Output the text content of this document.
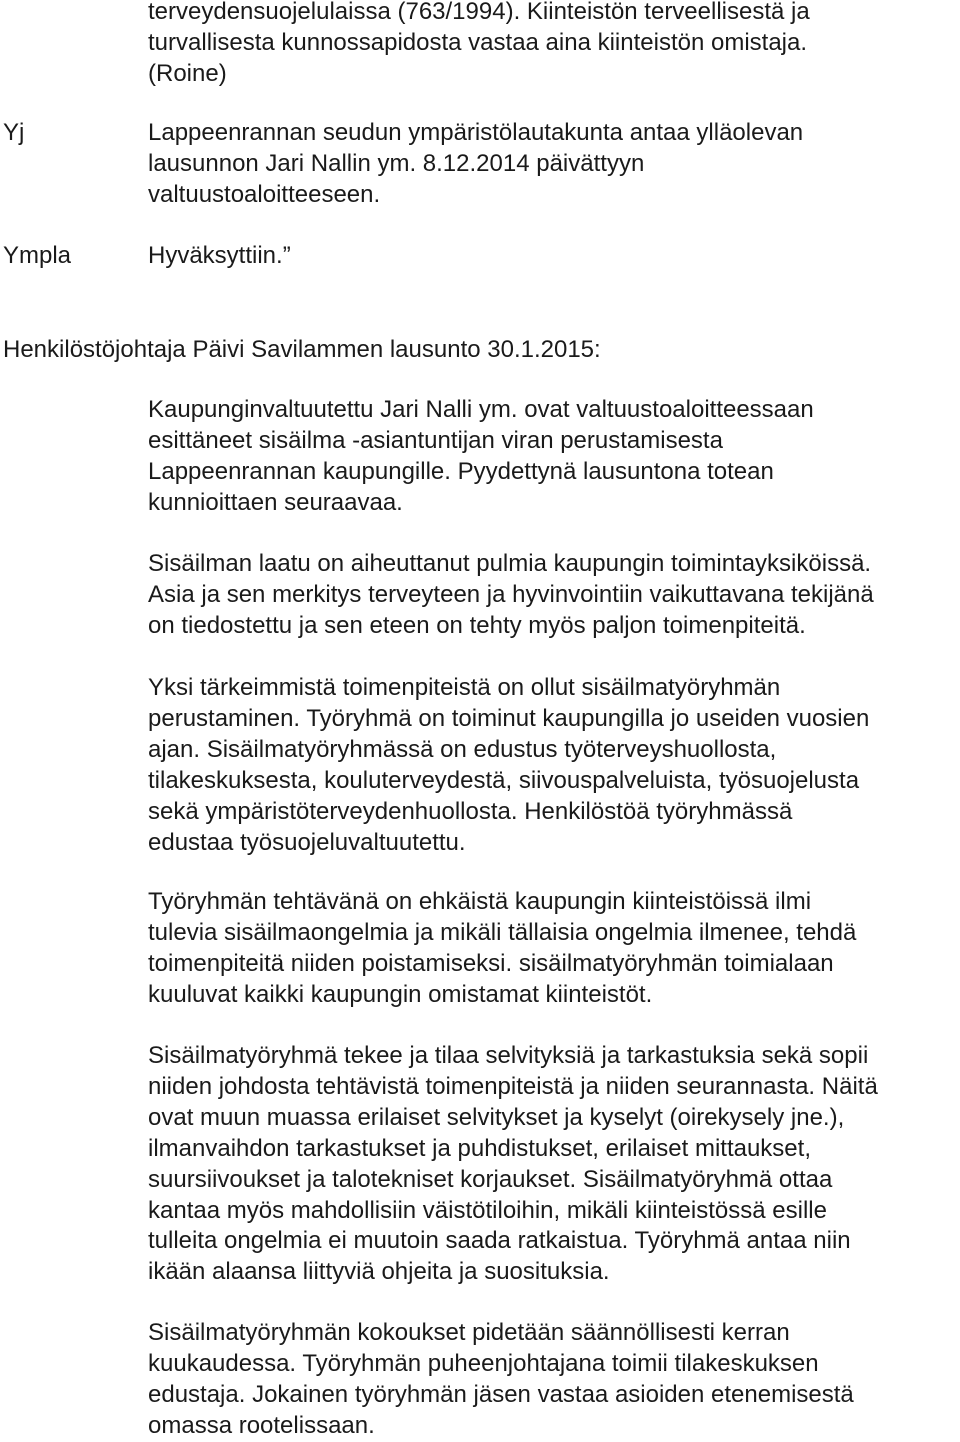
terveydensuojelulaissa (763/1994). Kiinteistön terveellisestä ja
turvallisesta kunnossapidosta vastaa aina kiinteistön omistaja.
(Roine)

Yj	Lappeenrannan seudun ympäristölautakunta antaa ylläolevan
lausunnon Jari Nallin ym. 8.12.2014 päivättyyn
valtuustoaloitteeseen.

Ympla	Hyväksyttiin.”

Henkilöstöjohtaja Päivi Savilammen lausunto 30.1.2015:

Kaupunginvaltuutettu Jari Nalli ym. ovat valtuustoaloitteessaan
esittäneet sisäilma -asiantuntijan viran perustamisesta
Lappeenrannan kaupungille. Pyydettynä lausuntona totean
kunnioittaen seuraavaa.

Sisäilman laatu on aiheuttanut pulmia kaupungin toimintayksiköissä.
Asia ja sen merkitys terveyteen ja hyvinvointiin vaikuttavana tekijänä
on tiedostettu ja sen eteen on tehty myös paljon toimenpiteitä.

Yksi tärkeimmistä toimenpiteistä on ollut sisäilmatyöryhmän
perustaminen. Työryhmä on toiminut kaupungilla jo useiden vuosien
ajan. Sisäilmatyöryhmässä on edustus työterveyshuollosta,
tilakeskuksesta, kouluterveydestä, siivouspalveluista, työsuojelusta
sekä ympäristöterveydenhuollosta. Henkilöstöä työryhmässä
edustaa työsuojeluvaltuutettu.

Työryhmän tehtävänä on ehkäistä kaupungin kiinteistöissä ilmi
tulevia sisäilmaongelmia ja mikäli tällaisia ongelmia ilmenee, tehdä
toimenpiteitä niiden poistamiseksi. sisäilmatyöryhmän toimialaan
kuuluvat kaikki kaupungin omistamat kiinteistöt.

Sisäilmatyöryhmä tekee ja tilaa selvityksiä ja tarkastuksia sekä sopii
niiden johdosta tehtävistä toimenpiteistä ja niiden seurannasta. Näitä
ovat muun muassa erilaiset selvitykset ja kyselyt (oirekysely jne.),
ilmanvaihdon tarkastukset ja puhdistukset, erilaiset mittaukset,
suursiivoukset ja talotekniset korjaukset. Sisäilmatyöryhmä ottaa
kantaa myös mahdollisiin väistötiloihin, mikäli kiinteistössä esille
tulleita ongelmia ei muutoin saada ratkaistua. Työryhmä antaa niin
ikään alaansa liittyviä ohjeita ja suosituksia.

Sisäilmatyöryhmän kokoukset pidetään säännöllisesti kerran
kuukaudessa. Työryhmän puheenjohtajana toimii tilakeskuksen
edustaja. Jokainen työryhmän jäsen vastaa asioiden etenemisestä
omassa rootelissaan.
